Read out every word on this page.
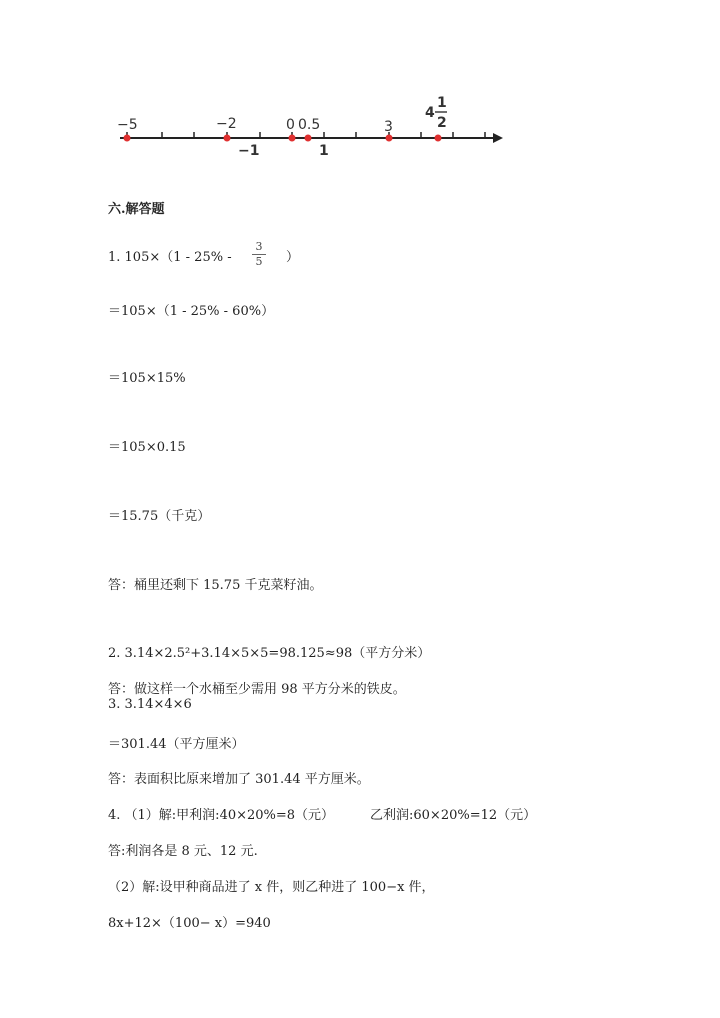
−5	−2	0 0.5	3
−1	1
4
1
2
六.解答题
1. $105\times(1 - 25\% - \frac{3}{5}$ ）
＝105×（1 - 25% - 60%）
＝105×15%
＝105×0.15
＝15.75（千克）
答：桶里还剩下 15.75 千克菜籽油。
2. 3.14×2.5²+3.14×5×5=98.125≈98（平方分米）
答：做这样一个水桶至少需用 98 平方分米的铁皮。
3. 3.14×4×6
＝301.44（平方厘米）
答：表面积比原来增加了 301.44 平方厘米。
4. （1）解:甲利润:40×20%=8（元）	乙利润:60×20%=12（元）
答:利润各是 8 元、12 元.
（2）解:设甲种商品进了 x 件，则乙种进了 100−x 件，
8x+12×（100− x）=940
